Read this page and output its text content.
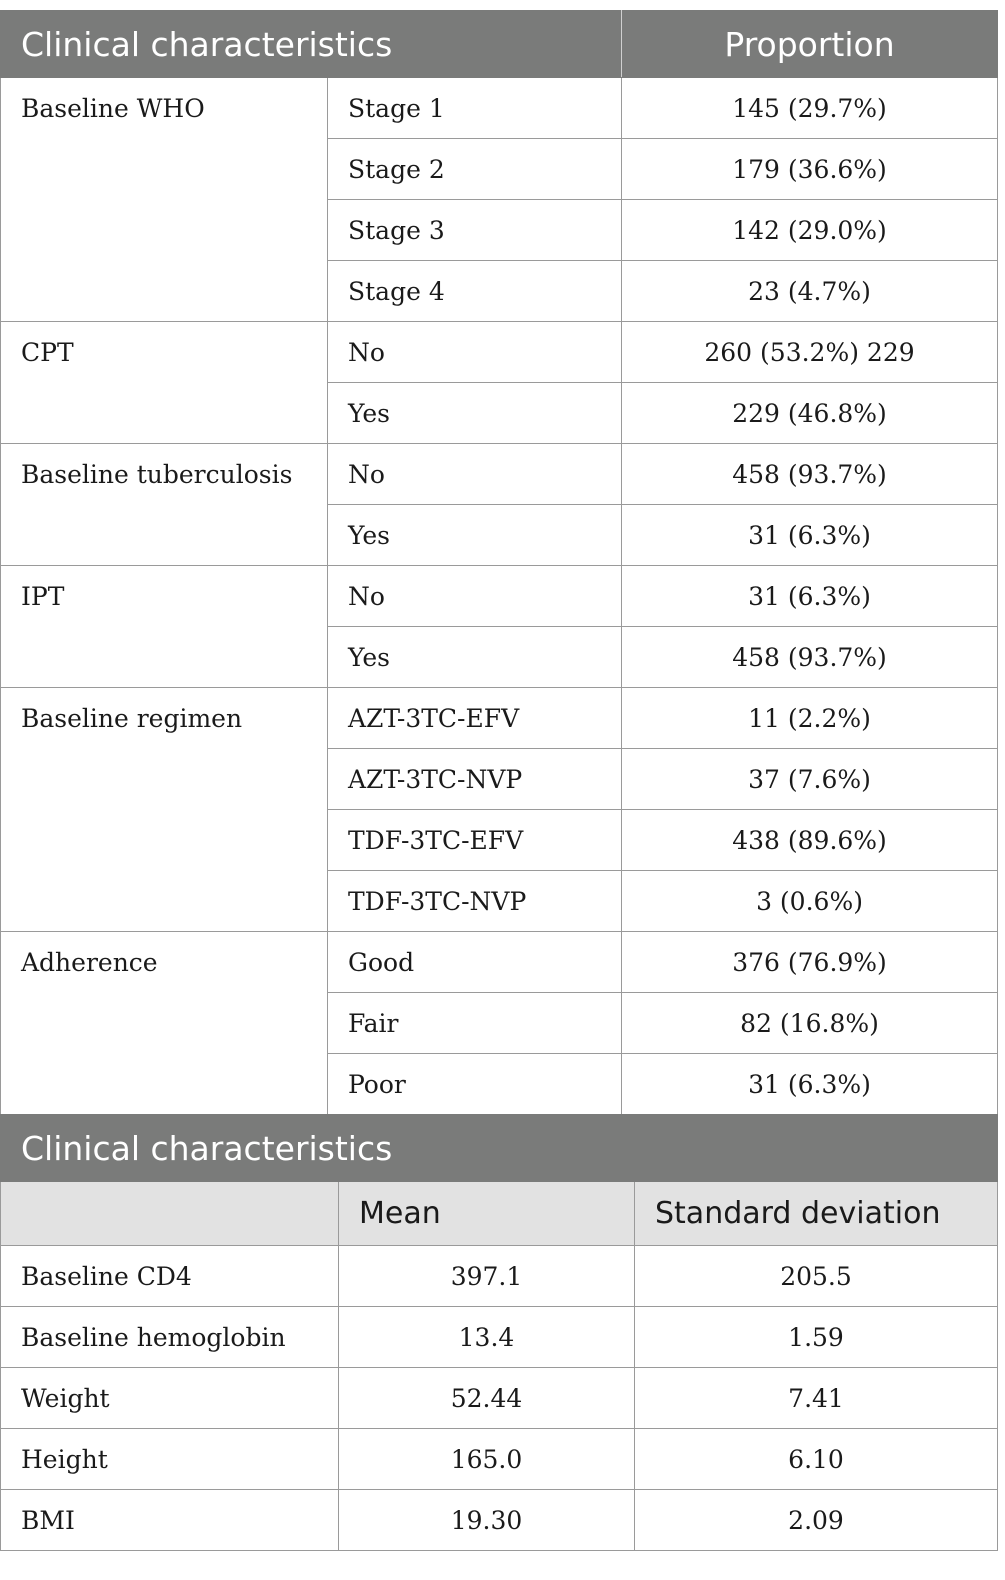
Clinical characteristics		Proportion
Baseline WHO	Stage 1	145 (29.7%)
	Stage 2	179 (36.6%)
	Stage 3	142 (29.0%)
	Stage 4	23 (4.7%)
CPT	No	260 (53.2%) 229
	Yes	229 (46.8%)
Baseline tuberculosis	No	458 (93.7%)
	Yes	31 (6.3%)
IPT	No	31 (6.3%)
	Yes	458 (93.7%)
Baseline regimen	AZT-3TC-EFV	11 (2.2%)
	AZT-3TC-NVP	37 (7.6%)
	TDF-3TC-EFV	438 (89.6%)
	TDF-3TC-NVP	3 (0.6%)
Adherence	Good	376 (76.9%)
	Fair	82 (16.8%)
	Poor	31 (6.3%)
Clinical characteristics		
	Mean	Standard deviation
Baseline CD4	397.1	205.5
Baseline hemoglobin	13.4	1.59
Weight	52.44	7.41
Height	165.0	6.10
BMI	19.30	2.09
